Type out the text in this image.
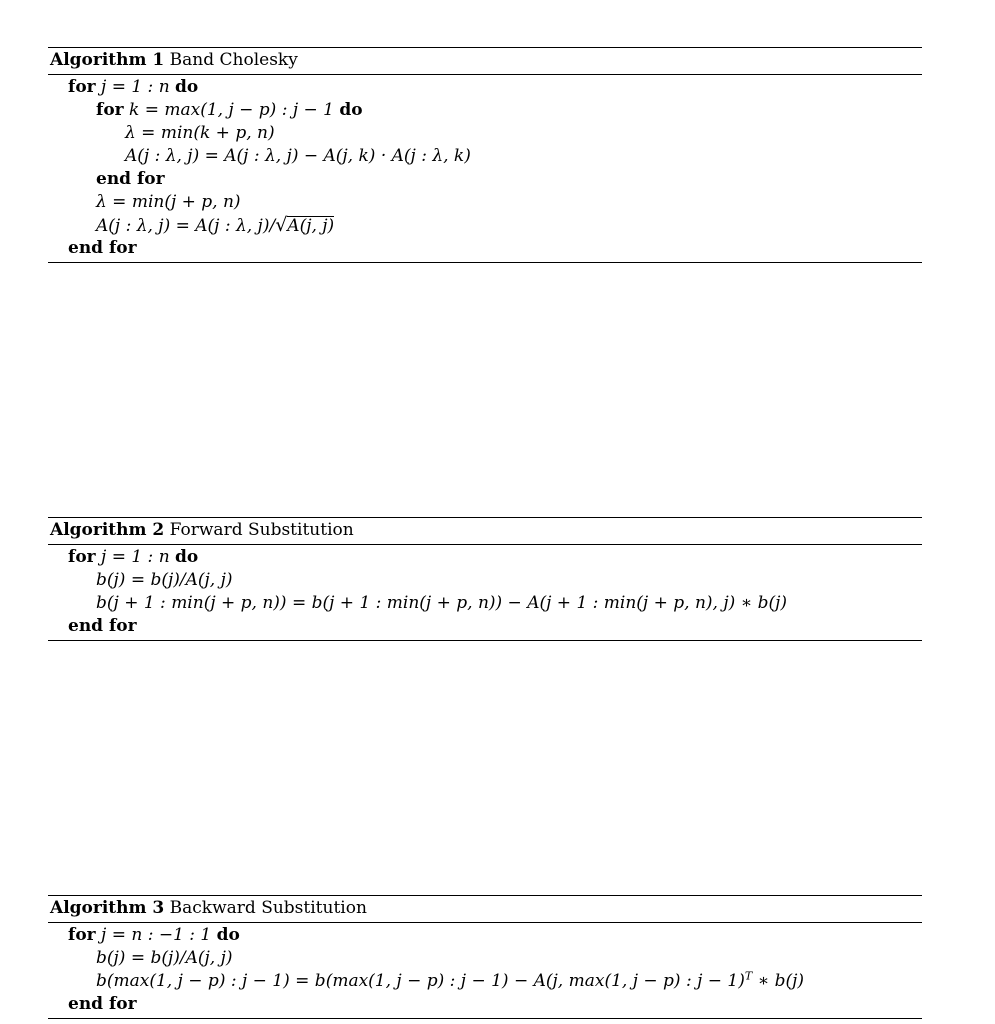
Algorithm 1 Band Cholesky
for j = 1 : n do
for k = max(1, j − p) : j − 1 do
λ = min(k + p, n)
A(j : λ, j) = A(j : λ, j) − A(j, k) · A(j : λ, k)
end for
λ = min(j + p, n)
A(j : λ, j) = A(j : λ, j)/√A(j, j)
end for
Algorithm 2 Forward Substitution
for j = 1 : n do
b(j) = b(j)/A(j, j)
b(j + 1 : min(j + p, n)) = b(j + 1 : min(j + p, n)) − A(j + 1 : min(j + p, n), j) ∗ b(j)
end for
Algorithm 3 Backward Substitution
for j = n : −1 : 1 do
b(j) = b(j)/A(j, j)
b(max(1, j − p) : j − 1) = b(max(1, j − p) : j − 1) − A(j, max(1, j − p) : j − 1)$^T$ ∗ b(j)
end for
